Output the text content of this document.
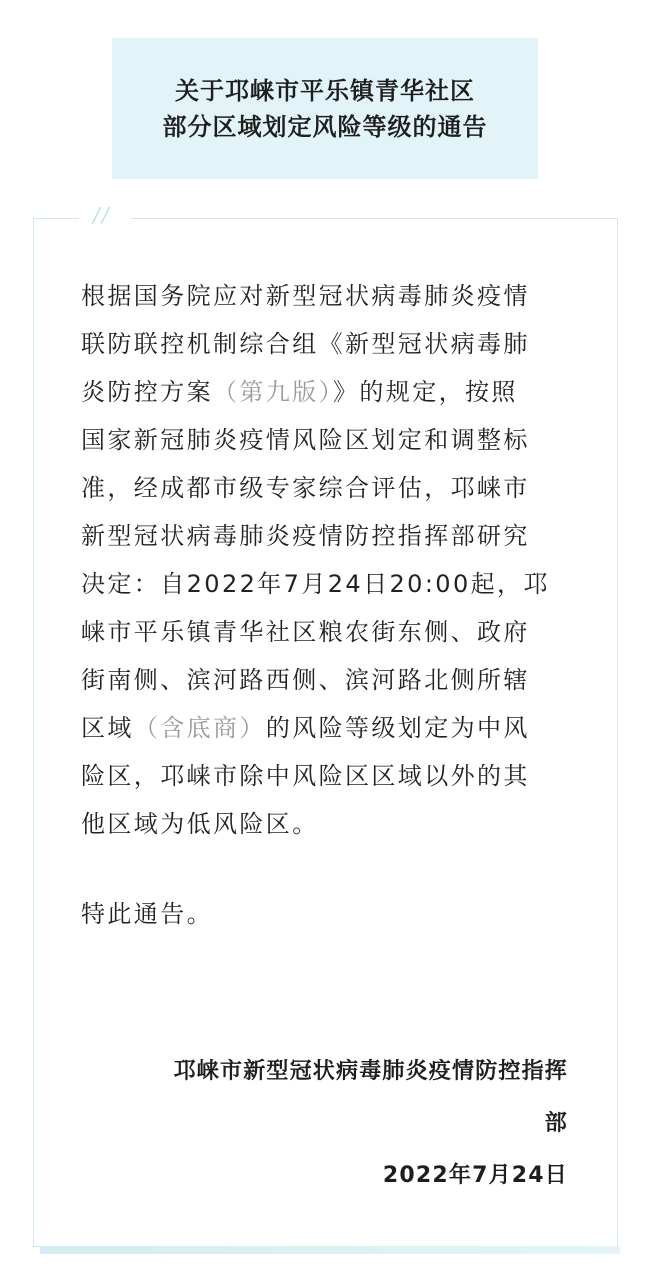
关于邛崃市平乐镇青华社区
部分区域划定风险等级的通告
//
根据国务院应对新型冠状病毒肺炎疫情
联防联控机制综合组《新型冠状病毒肺
炎防控方案（第九版）》的规定，按照
国家新冠肺炎疫情风险区划定和调整标
准，经成都市级专家综合评估，邛崃市
新型冠状病毒肺炎疫情防控指挥部研究
决定：自2022年7月24日20:00起，邛
崃市平乐镇青华社区粮农街东侧、政府
街南侧、滨河路西侧、滨河路北侧所辖
区域（含底商）的风险等级划定为中风
险区，邛崃市除中风险区区域以外的其
他区域为低风险区。
特此通告。
邛崃市新型冠状病毒肺炎疫情防控指挥
部
2022年7月24日
